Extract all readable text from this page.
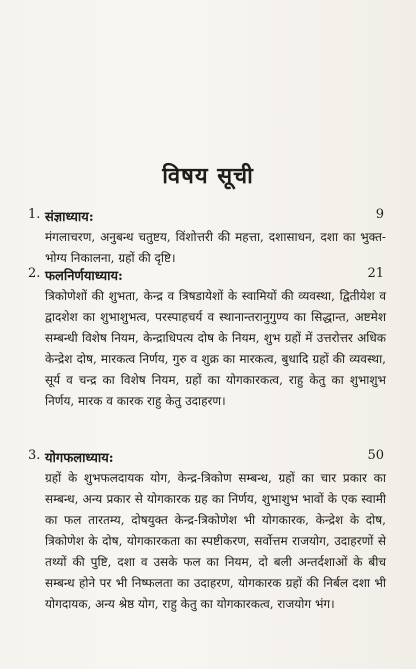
विषय सूची
1. संज्ञाध्याय:	9
मंगलाचरण, अनुबन्ध चतुष्टय, विंशोत्तरी की महत्ता, दशासाधन, दशा का भुक्त-भोग्य निकालना, ग्रहों की दृष्टि।
2. फलनिर्णयाध्याय:	21
त्रिकोणेशों की शुभता, केन्द्र व त्रिषडायेशों के स्वामियों की व्यवस्था, द्वितीयेश व द्वादशेश का शुभाशुभत्व, परस्पाहचर्य व स्थानान्तरानुगुण्य का सिद्धान्त, अष्टमेश सम्बन्धी विशेष नियम, केन्द्राधिपत्य दोष के नियम, शुभ ग्रहों में उत्तरोत्तर अधिक केन्द्रेश दोष, मारकत्व निर्णय, गुरु व शुक्र का मारकत्व, बुधादि ग्रहों की व्यवस्था, सूर्य व चन्द्र का विशेष नियम, ग्रहों का योगकारकत्व, राहु केतु का शुभाशुभ निर्णय, मारक व कारक राहु केतु उदाहरण।
3. योगफलाध्याय:	50
ग्रहों के शुभफलदायक योग, केन्द्र-त्रिकोण सम्बन्ध, ग्रहों का चार प्रकार का सम्बन्ध, अन्य प्रकार से योगकारक ग्रह का निर्णय, शुभाशुभ भावों के एक स्वामी का फल तारतम्य, दोषयुक्त केन्द्र-त्रिकोणेश भी योगकारक, केन्द्रेश के दोष, त्रिकोणेश के दोष, योगकारकता का स्पष्टीकरण, सर्वोत्तम राजयोग, उदाहरणों से तथ्यों की पुष्टि, दशा व उसके फल का नियम, दो बली अन्तर्दशाओं के बीच सम्बन्ध होने पर भी निष्फलता का उदाहरण, योगकारक ग्रहों की निर्बल दशा भी योगदायक, अन्य श्रेष्ठ योग, राहु केतु का योगकारकत्व, राजयोग भंग।
